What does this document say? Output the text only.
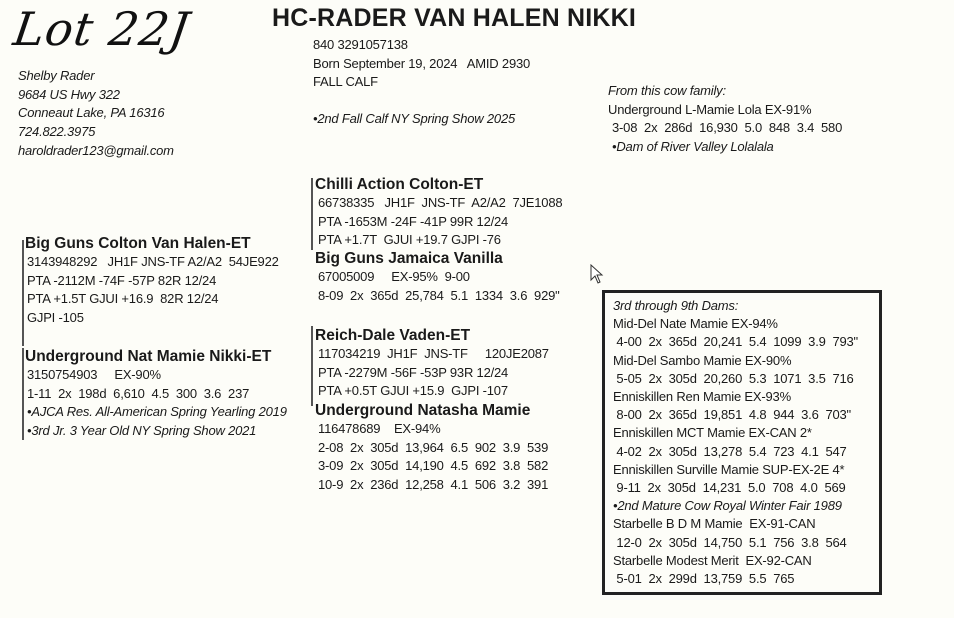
Lot 22J	HC-RADER VAN HALEN NIKKI
840 3291057138
Born September 19, 2024   AMID 2930
FALL CALF
•2nd Fall Calf NY Spring Show 2025
Shelby Rader
9684 US Hwy 322
Conneaut Lake, PA 16316
724.822.3975
haroldrader123@gmail.com
From this cow family:
Underground L-Mamie Lola EX-91%
3-08  2x  286d  16,930  5.0  848  3.4  580
•Dam of River Valley Lolalala
Big Guns Colton Van Halen-ET
3143948292   JH1F JNS-TF A2/A2  54JE922
PTA -2112M -74F -57P 82R 12/24
PTA +1.5T GJUI +16.9  82R 12/24
GJPI -105
Underground Nat Mamie Nikki-ET
3150754903     EX-90%
1-11  2x  198d  6,610  4.5  300  3.6  237
•AJCA Res. All-American Spring Yearling 2019
•3rd Jr. 3 Year Old NY Spring Show 2021
Chilli Action Colton-ET
66738335   JH1F  JNS-TF  A2/A2  7JE1088
PTA -1653M -24F -41P 99R 12/24
PTA +1.7T  GJUI +19.7 GJPI -76
Big Guns Jamaica Vanilla
67005009     EX-95%  9-00
8-09  2x  365d  25,784  5.1  1334  3.6  929"
Reich-Dale Vaden-ET
117034219  JH1F  JNS-TF     120JE2087
PTA -2279M -56F -53P 93R 12/24
PTA +0.5T GJUI +15.9  GJPI -107
Underground Natasha Mamie
116478689    EX-94%
2-08  2x  305d  13,964  6.5  902  3.9  539
3-09  2x  305d  14,190  4.5  692  3.8  582
10-9  2x  236d  12,258  4.1  506  3.2  391
3rd through 9th Dams:
Mid-Del Nate Mamie EX-94%
4-00  2x  365d  20,241  5.4  1099  3.9  793"
Mid-Del Sambo Mamie EX-90%
5-05  2x  305d  20,260  5.3  1071  3.5  716
Enniskillen Ren Mamie EX-93%
8-00  2x  365d  19,851  4.8  944  3.6  703"
Enniskillen MCT Mamie EX-CAN 2*
4-02  2x  305d  13,278  5.4  723  4.1  547
Enniskillen Surville Mamie SUP-EX-2E 4*
9-11  2x  305d  14,231  5.0  708  4.0  569
•2nd Mature Cow Royal Winter Fair 1989
Starbelle B D M Mamie  EX-91-CAN
12-0  2x  305d  14,750  5.1  756  3.8  564
Starbelle Modest Merit  EX-92-CAN
5-01  2x  299d  13,759  5.5  765
